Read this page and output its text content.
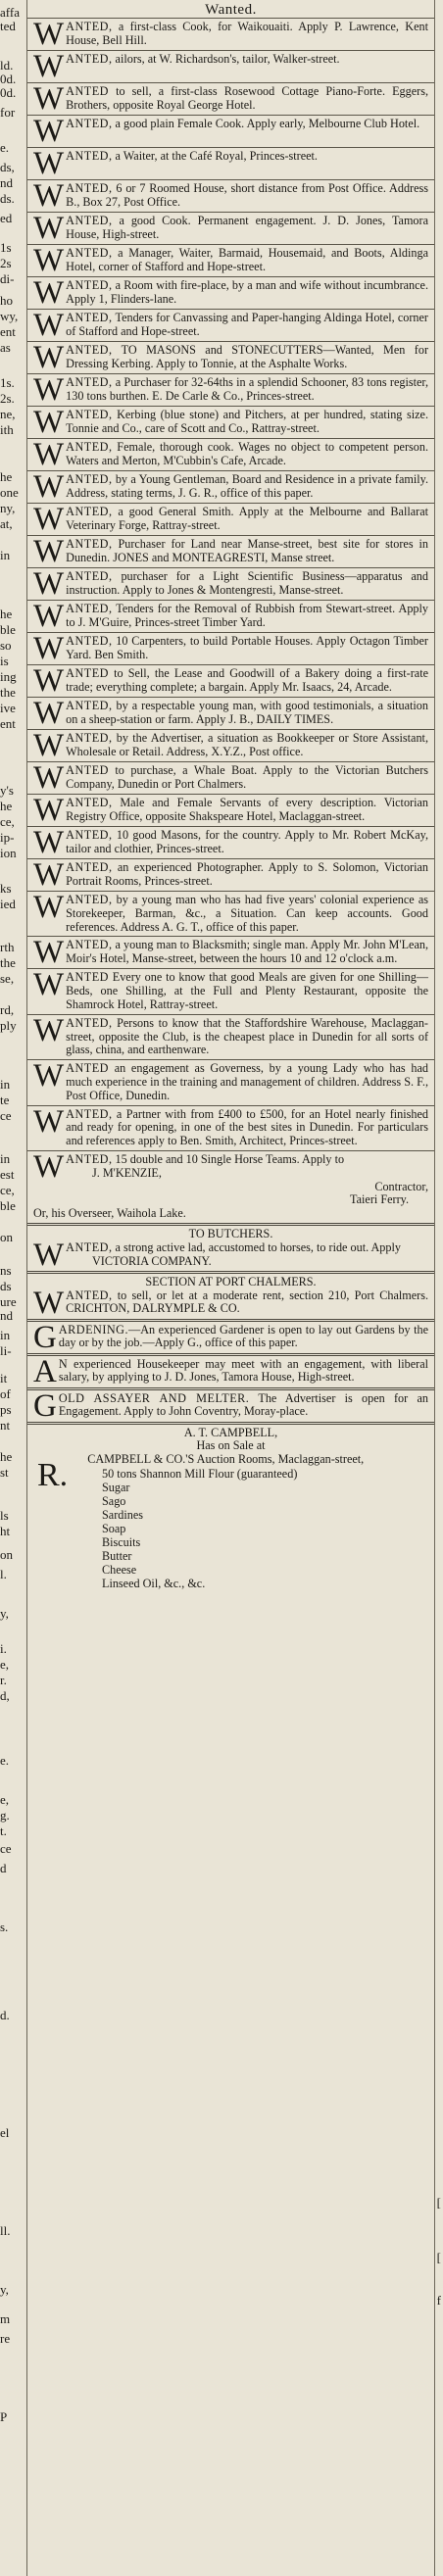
affa
ted
ld.
0d.
0d.
for
e.
ds,
nd
ds.
ed
1s
2s
di-
ho
wy,
ent
as
1s.
2s.
ne,
ith
he
one
ny,
at,
in
he
ble
so
is
ing
the
ive
ent
y's
he
ce,
ip-
ion
ks
ied
rth
the
se,
rd,
ply
in
te
ce
in
est
ce,
ble
on
ns
ds
ure
nd
in
li-
it
of
ps
nt
he
st
ls
ht
on
l.
y,
i.
e,
r.
d,
e.
e,
g.
t.
ce
d
s.
d.
el
ll.
y,
m
re
P
[
[
f
Wanted.
WANTED, a first-class Cook, for Waikouaiti. Apply P. Lawrence, Kent House, Bell Hill.
WANTED, ailors, at W. Richardson's, tailor, Walker-street.
WANTED to sell, a first-class Rosewood Cottage Piano-Forte. Eggers, Brothers, opposite Royal George Hotel.
WANTED, a good plain Female Cook. Apply early, Melbourne Club Hotel.
WANTED, a Waiter, at the Café Royal, Princes-street.
WANTED, 6 or 7 Roomed House, short distance from Post Office. Address B., Box 27, Post Office.
WANTED, a good Cook. Permanent engagement. J. D. Jones, Tamora House, High-street.
WANTED, a Manager, Waiter, Barmaid, Housemaid, and Boots, Aldinga Hotel, corner of Stafford and Hope-street.
WANTED, a Room with fire-place, by a man and wife without incumbrance. Apply 1, Flinders-lane.
WANTED, Tenders for Canvassing and Paper-hanging Aldinga Hotel, corner of Stafford and Hope-street.
WANTED, TO MASONS and STONECUTTERS—Wanted, Men for Dressing Kerbing. Apply to Tonnie, at the Asphalte Works.
WANTED, a Purchaser for 32-64ths in a splendid Schooner, 83 tons register, 130 tons burthen. E. De Carle & Co., Princes-street.
WANTED, Kerbing (blue stone) and Pitchers, at per hundred, stating size. Tonnie and Co., care of Scott and Co., Rattray-street.
WANTED, Female, thorough cook. Wages no object to competent person. Waters and Merton, M'Cubbin's Cafe, Arcade.
WANTED, by a Young Gentleman, Board and Residence in a private family. Address, stating terms, J. G. R., office of this paper.
WANTED, a good General Smith. Apply at the Melbourne and Ballarat Veterinary Forge, Rattray-street.
WANTED, Purchaser for Land near Manse-street, best site for stores in Dunedin. JONES and MONTEAGRESTI, Manse street.
WANTED, purchaser for a Light Scientific Business—apparatus and instruction. Apply to Jones & Montengresti, Manse-street.
WANTED, Tenders for the Removal of Rubbish from Stewart-street. Apply to J. M'Guire, Princes-street Timber Yard.
WANTED, 10 Carpenters, to build Portable Houses. Apply Octagon Timber Yard. Ben Smith.
WANTED to Sell, the Lease and Goodwill of a Bakery doing a first-rate trade; everything complete; a bargain. Apply Mr. Isaacs, 24, Arcade.
WANTED, by a respectable young man, with good testimonials, a situation on a sheep-station or farm. Apply J. B., DAILY TIMES.
WANTED, by the Advertiser, a situation as Bookkeeper or Store Assistant, Wholesale or Retail. Address, X.Y.Z., Post office.
WANTED to purchase, a Whale Boat. Apply to the Victorian Butchers Company, Dunedin or Port Chalmers.
WANTED, Male and Female Servants of every description. Victorian Registry Office, opposite Shakspeare Hotel, Maclaggan-street.
WANTED, 10 good Masons, for the country. Apply to Mr. Robert McKay, tailor and clothier, Princes-street.
WANTED, an experienced Photographer. Apply to S. Solomon, Victorian Portrait Rooms, Princes-street.
WANTED, by a young man who has had five years' colonial experience as Storekeeper, Barman, &c., a Situation. Can keep accounts. Good references. Address A. G. T., office of this paper.
WANTED, a young man to Blacksmith; single man. Apply Mr. John M'Lean, Moir's Hotel, Manse-street, between the hours 10 and 12 o'clock a.m.
WANTED Every one to know that good Meals are given for one Shilling—Beds, one Shilling, at the Full and Plenty Restaurant, opposite the Shamrock Hotel, Rattray-street.
WANTED, Persons to know that the Staffordshire Warehouse, Maclaggan-street, opposite the Club, is the cheapest place in Dunedin for all sorts of glass, china, and earthenware.
WANTED an engagement as Governess, by a young Lady who has had much experience in the training and management of children. Address S. F., Post Office, Dunedin.
WANTED, a Partner with from £400 to £500, for an Hotel nearly finished and ready for opening, in one of the best sites in Dunedin. For particulars and references apply to Ben. Smith, Architect, Princes-street.
WANTED, 15 double and 10 Single Horse Teams. Apply to
J. M'KENZIE,
Contractor,
Taieri Ferry.
Or, his Overseer, Waihola Lake.
TO BUTCHERS.
W ANTED, a strong active lad, accustomed to horses, to ride out. Apply
VICTORIA COMPANY.
SECTION AT PORT CHALMERS.
W ANTED, to sell, or let at a moderate rent, section 210, Port Chalmers. CRICHTON, DALRYMPLE & CO.
GARDENING.—An experienced Gardener is open to lay out Gardens by the day or by the job.—Apply G., office of this paper.
A N experienced Housekeeper may meet with an engagement, with liberal salary, by applying to J. D. Jones, Tamora House, High-street.
GOLD ASSAYER AND MELTER. The Advertiser is open for an Engagement. Apply to John Coventry, Moray-place.
A. T. CAMPBELL,
Has on Sale at
R.	CAMPBELL & CO.'S Auction Rooms, Maclaggan-street,
50 tons Shannon Mill Flour (guaranteed)
Sugar
Sago
Sardines
Soap
Biscuits
Butter
Cheese
Linseed Oil, &c., &c.
